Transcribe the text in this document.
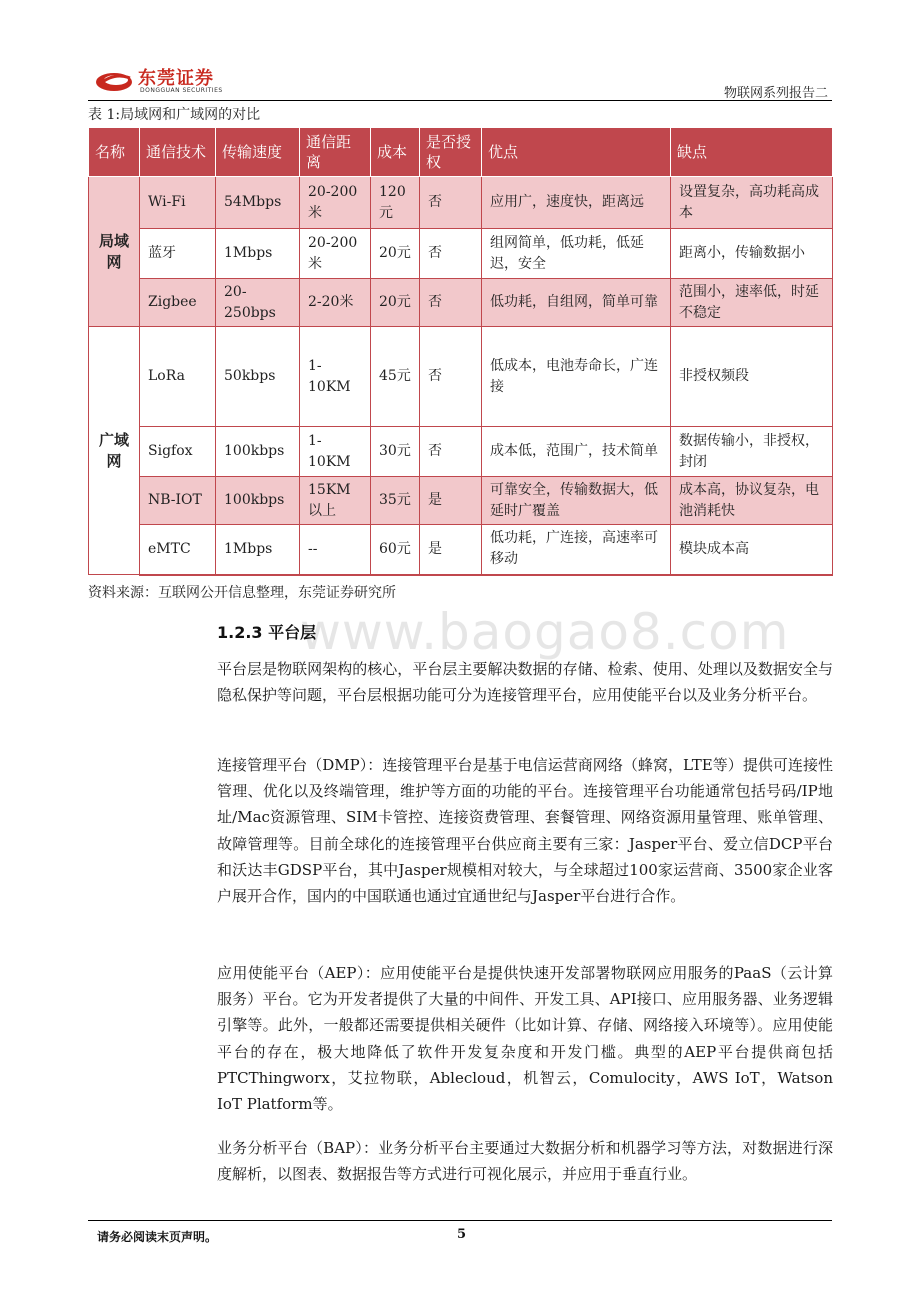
东莞证券
DONGGUAN SECURITIES	物联网系列报告二
表 1:局域网和广域网的对比
名称	通信技术	传输速度	通信距离	成本	是否授权	优点	缺点
局域网	Wi-Fi	54Mbps	20-200米	120元	否	应用广，速度快，距离远	设置复杂，高功耗高成本
	蓝牙	1Mbps	20-200米	20元	否	组网简单，低功耗，低延迟，安全	距离小，传输数据小
	Zigbee	20-250bps	2-20米	20元	否	低功耗，自组网，简单可靠	范围小，速率低，时延不稳定
广域网	LoRa	50kbps	1-10KM	45元	否	低成本，电池寿命长，广连接	非授权频段
	Sigfox	100kbps	1-10KM	30元	否	成本低，范围广，技术简单	数据传输小，非授权，封闭
	NB-IOT	100kbps	15KM以上	35元	是	可靠安全，传输数据大，低延时广覆盖	成本高，协议复杂，电池消耗快
	eMTC	1Mbps	--	60元	是	低功耗，广连接，高速率可移动	模块成本高
资料来源：互联网公开信息整理，东莞证券研究所
www.baogao8.com
1.2.3 平台层

平台层是物联网架构的核心，平台层主要解决数据的存储、检索、使用、处理以及数据安全与隐私保护等问题，平台层根据功能可分为连接管理平台，应用使能平台以及业务分析平台。

连接管理平台（DMP）：连接管理平台是基于电信运营商网络（蜂窝，LTE等）提供可连接性管理、优化以及终端管理，维护等方面的功能的平台。连接管理平台功能通常包括号码/IP地址/Mac资源管理、SIM卡管控、连接资费管理、套餐管理、网络资源用量管理、账单管理、故障管理等。目前全球化的连接管理平台供应商主要有三家：Jasper平台、爱立信DCP平台和沃达丰GDSP平台，其中Jasper规模相对较大，与全球超过100家运营商、3500家企业客户展开合作，国内的中国联通也通过宜通世纪与Jasper平台进行合作。

应用使能平台（AEP）：应用使能平台是提供快速开发部署物联网应用服务的PaaS（云计算服务）平台。它为开发者提供了大量的中间件、开发工具、API接口、应用服务器、业务逻辑引擎等。此外，一般都还需要提供相关硬件（比如计算、存储、网络接入环境等）。应用使能平台的存在，极大地降低了软件开发复杂度和开发门槛。典型的AEP平台提供商包括PTCThingworx，艾拉物联，Ablecloud，机智云，Comulocity，AWS IoT，Watson IoT Platform等。

业务分析平台（BAP）：业务分析平台主要通过大数据分析和机器学习等方法，对数据进行深度解析，以图表、数据报告等方式进行可视化展示，并应用于垂直行业。

请务必阅读末页声明。	5
